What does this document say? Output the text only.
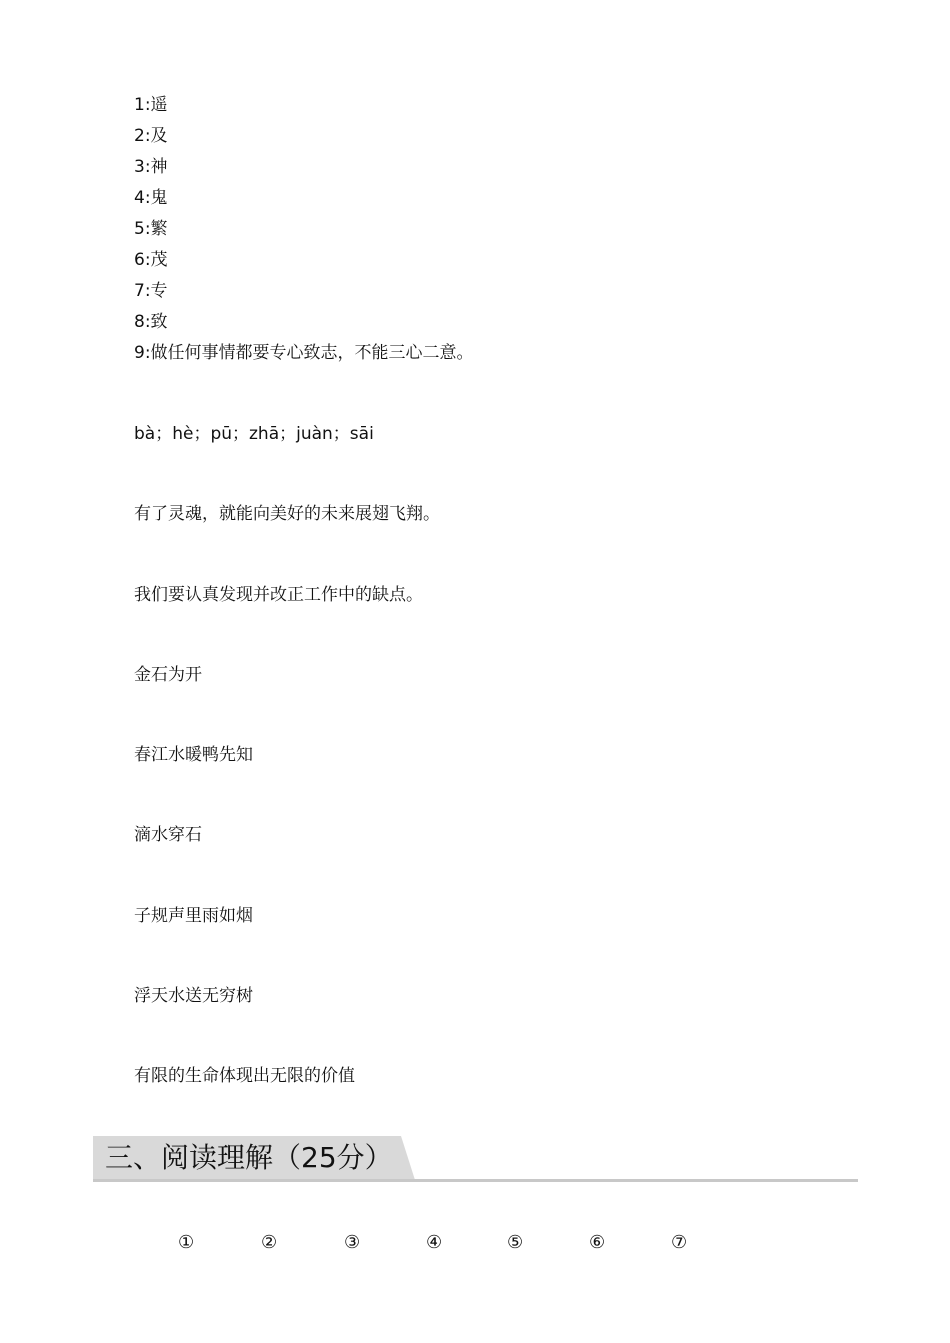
1:遥
2:及
3:神
4:鬼
5:繁
6:茂
7:专
8:致
9:做任何事情都要专心致志，不能三心二意。
bà；hè；pū；zhā；juàn；sāi
有了灵魂，就能向美好的未来展翅飞翔。
我们要认真发现并改正工作中的缺点。
金石为开
春江水暖鸭先知
滴水穿石
子规声里雨如烟
浮天水送无穷树
有限的生命体现出无限的价值
三、阅读理解（25分）
①	②	③	④	⑤	⑥	⑦
